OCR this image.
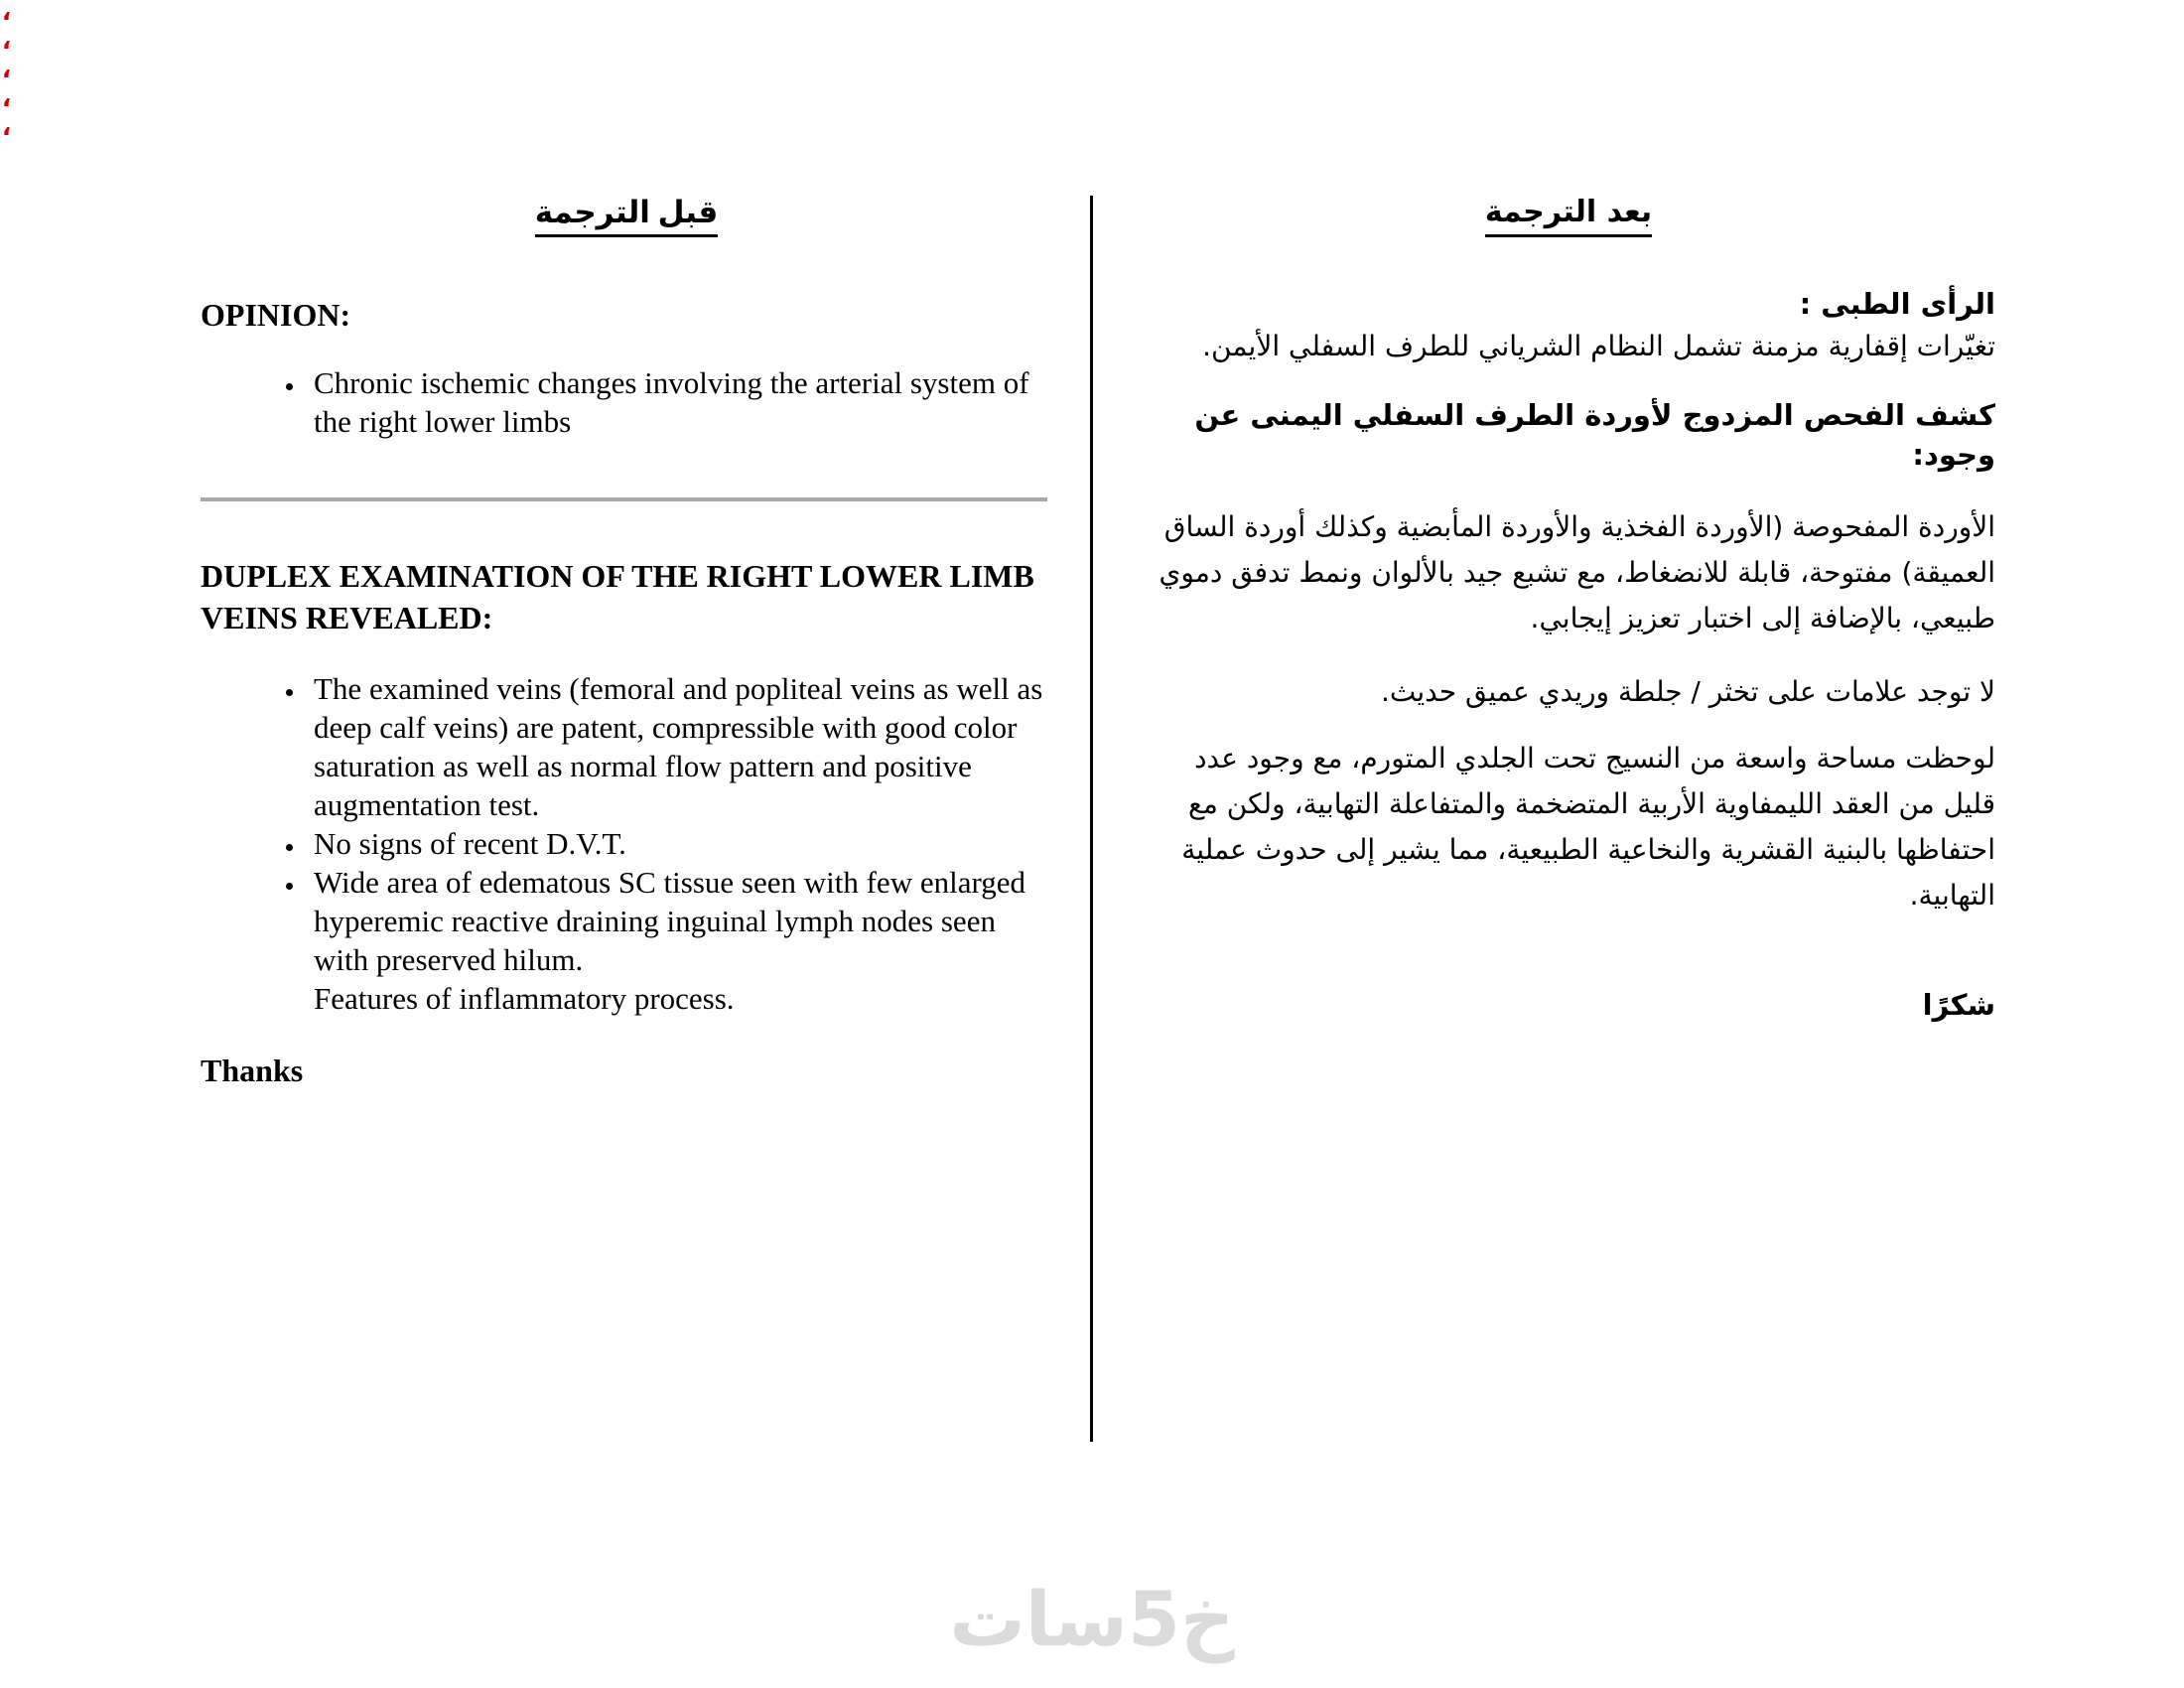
،
،
،
،
،
قبل الترجمة
OPINION:
• Chronic ischemic changes involving the arterial system of the right lower limbs
DUPLEX EXAMINATION OF THE RIGHT LOWER LIMB VEINS REVEALED:
• The examined veins (femoral and popliteal veins as well as deep calf veins) are patent, compressible with good color saturation as well as normal flow pattern and positive augmentation test.
• No signs of recent D.V.T.
• Wide area of edematous SC tissue seen with few enlarged hyperemic reactive draining inguinal lymph nodes seen with preserved hilum.
Features of inflammatory process.

Thanks

بعد الترجمة

الرأى الطبى :

تغيّرات إقفارية مزمنة تشمل النظام الشرياني للطرف السفلي الأيمن.

كشف الفحص المزدوج لأوردة الطرف السفلي اليمنى عن وجود:

الأوردة المفحوصة (الأوردة الفخذية والأوردة المأبضية وكذلك أوردة الساق العميقة) مفتوحة، قابلة للانضغاط، مع تشبع جيد بالألوان ونمط تدفق دموي طبيعي، بالإضافة إلى اختبار تعزيز إيجابي.

لا توجد علامات على تخثر / جلطة وريدي عميق حديث.

لوحظت مساحة واسعة من النسيج تحت الجلدي المتورم، مع وجود عدد قليل من العقد الليمفاوية الأربية المتضخمة والمتفاعلة التهابية، ولكن مع احتفاظها بالبنية القشرية والنخاعية الطبيعية، مما يشير إلى حدوث عملية التهابية.

شكرًا

خ5سات
